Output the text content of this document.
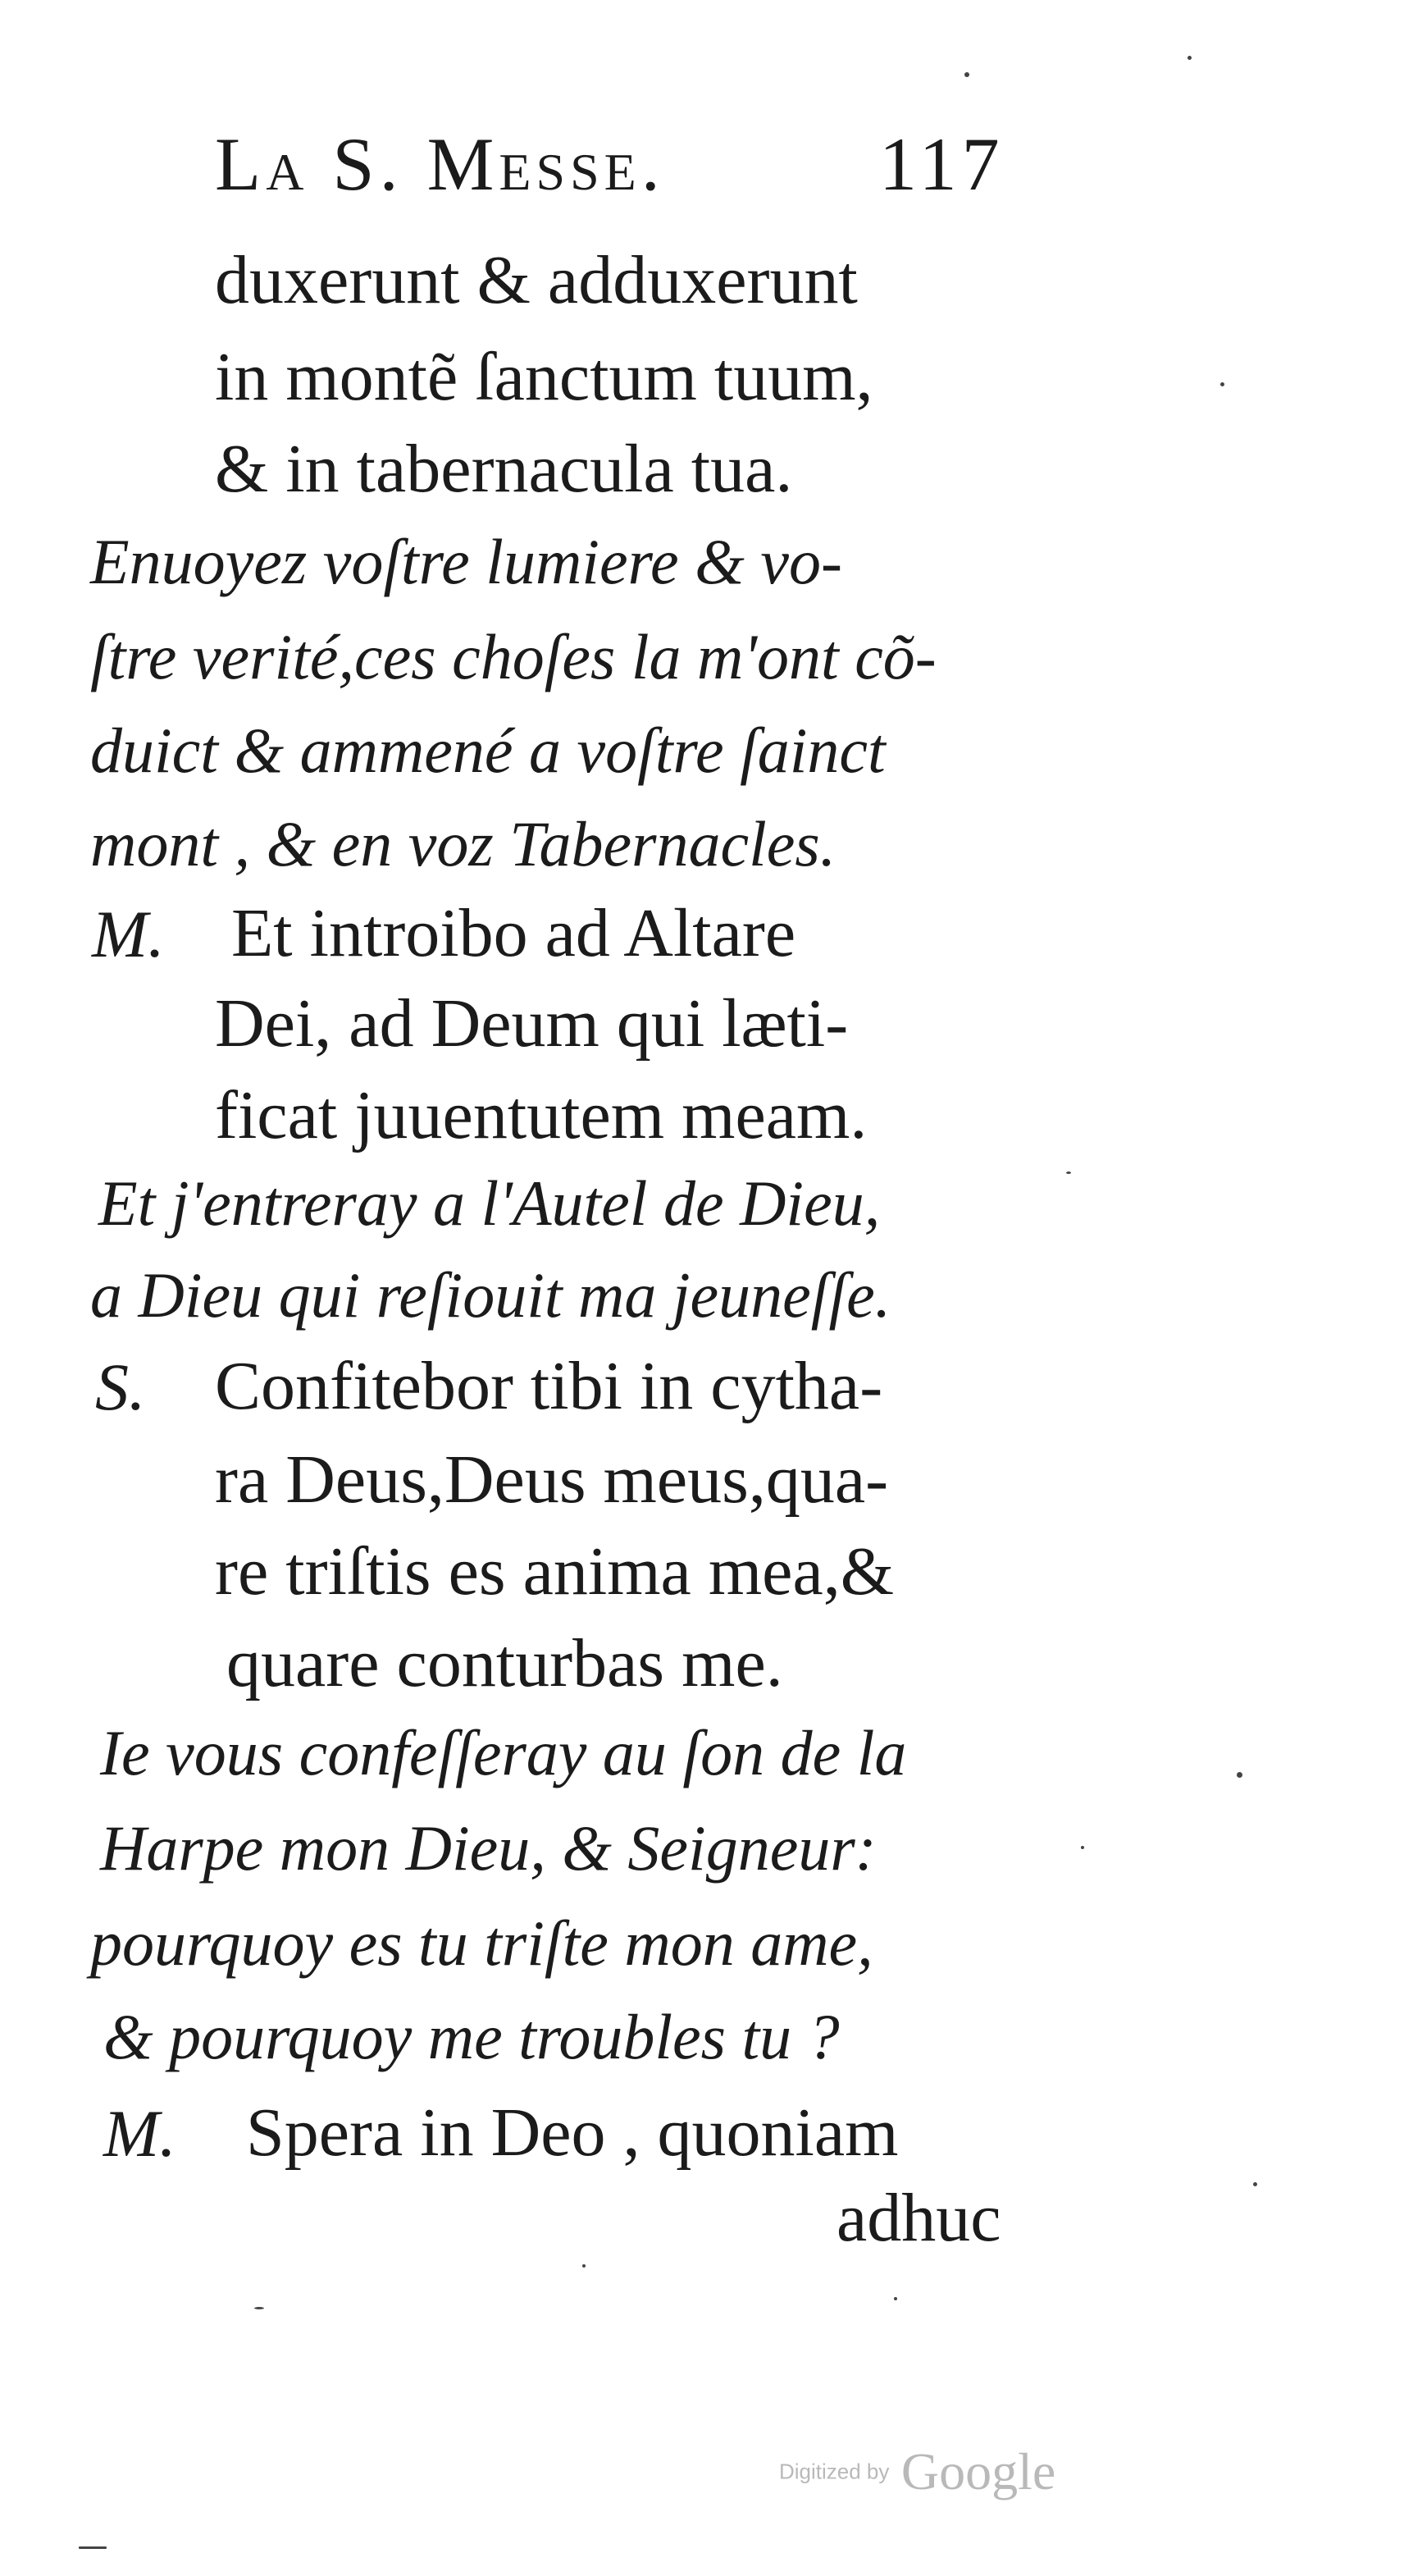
La S. Messe.	117
duxerunt & adduxerunt
in montẽ ſanctum tuum,
& in tabernacula tua.
Enuoyez voſtre lumiere & vo-
ſtre verité,ces choſes la m'ont cõ-
duict & ammené a voſtre ſainct
mont , & en voz Tabernacles.
M. Et introibo ad Altare
Dei, ad Deum qui læti-
ficat juuentutem meam.
Et j'entreray a l'Autel de Dieu,
a Dieu qui reſiouit ma jeuneſſe.
S. Confitebor tibi in cytha-
ra Deus,Deus meus,qua-
re triſtis es anima mea,&
quare conturbas me.
Ie vous confeſſeray au ſon de la
Harpe mon Dieu, & Seigneur:
pourquoy es tu triſte mon ame,
& pourquoy me troubles tu ?
M. Spera in Deo , quoniam
adhuc
Digitized by Google
